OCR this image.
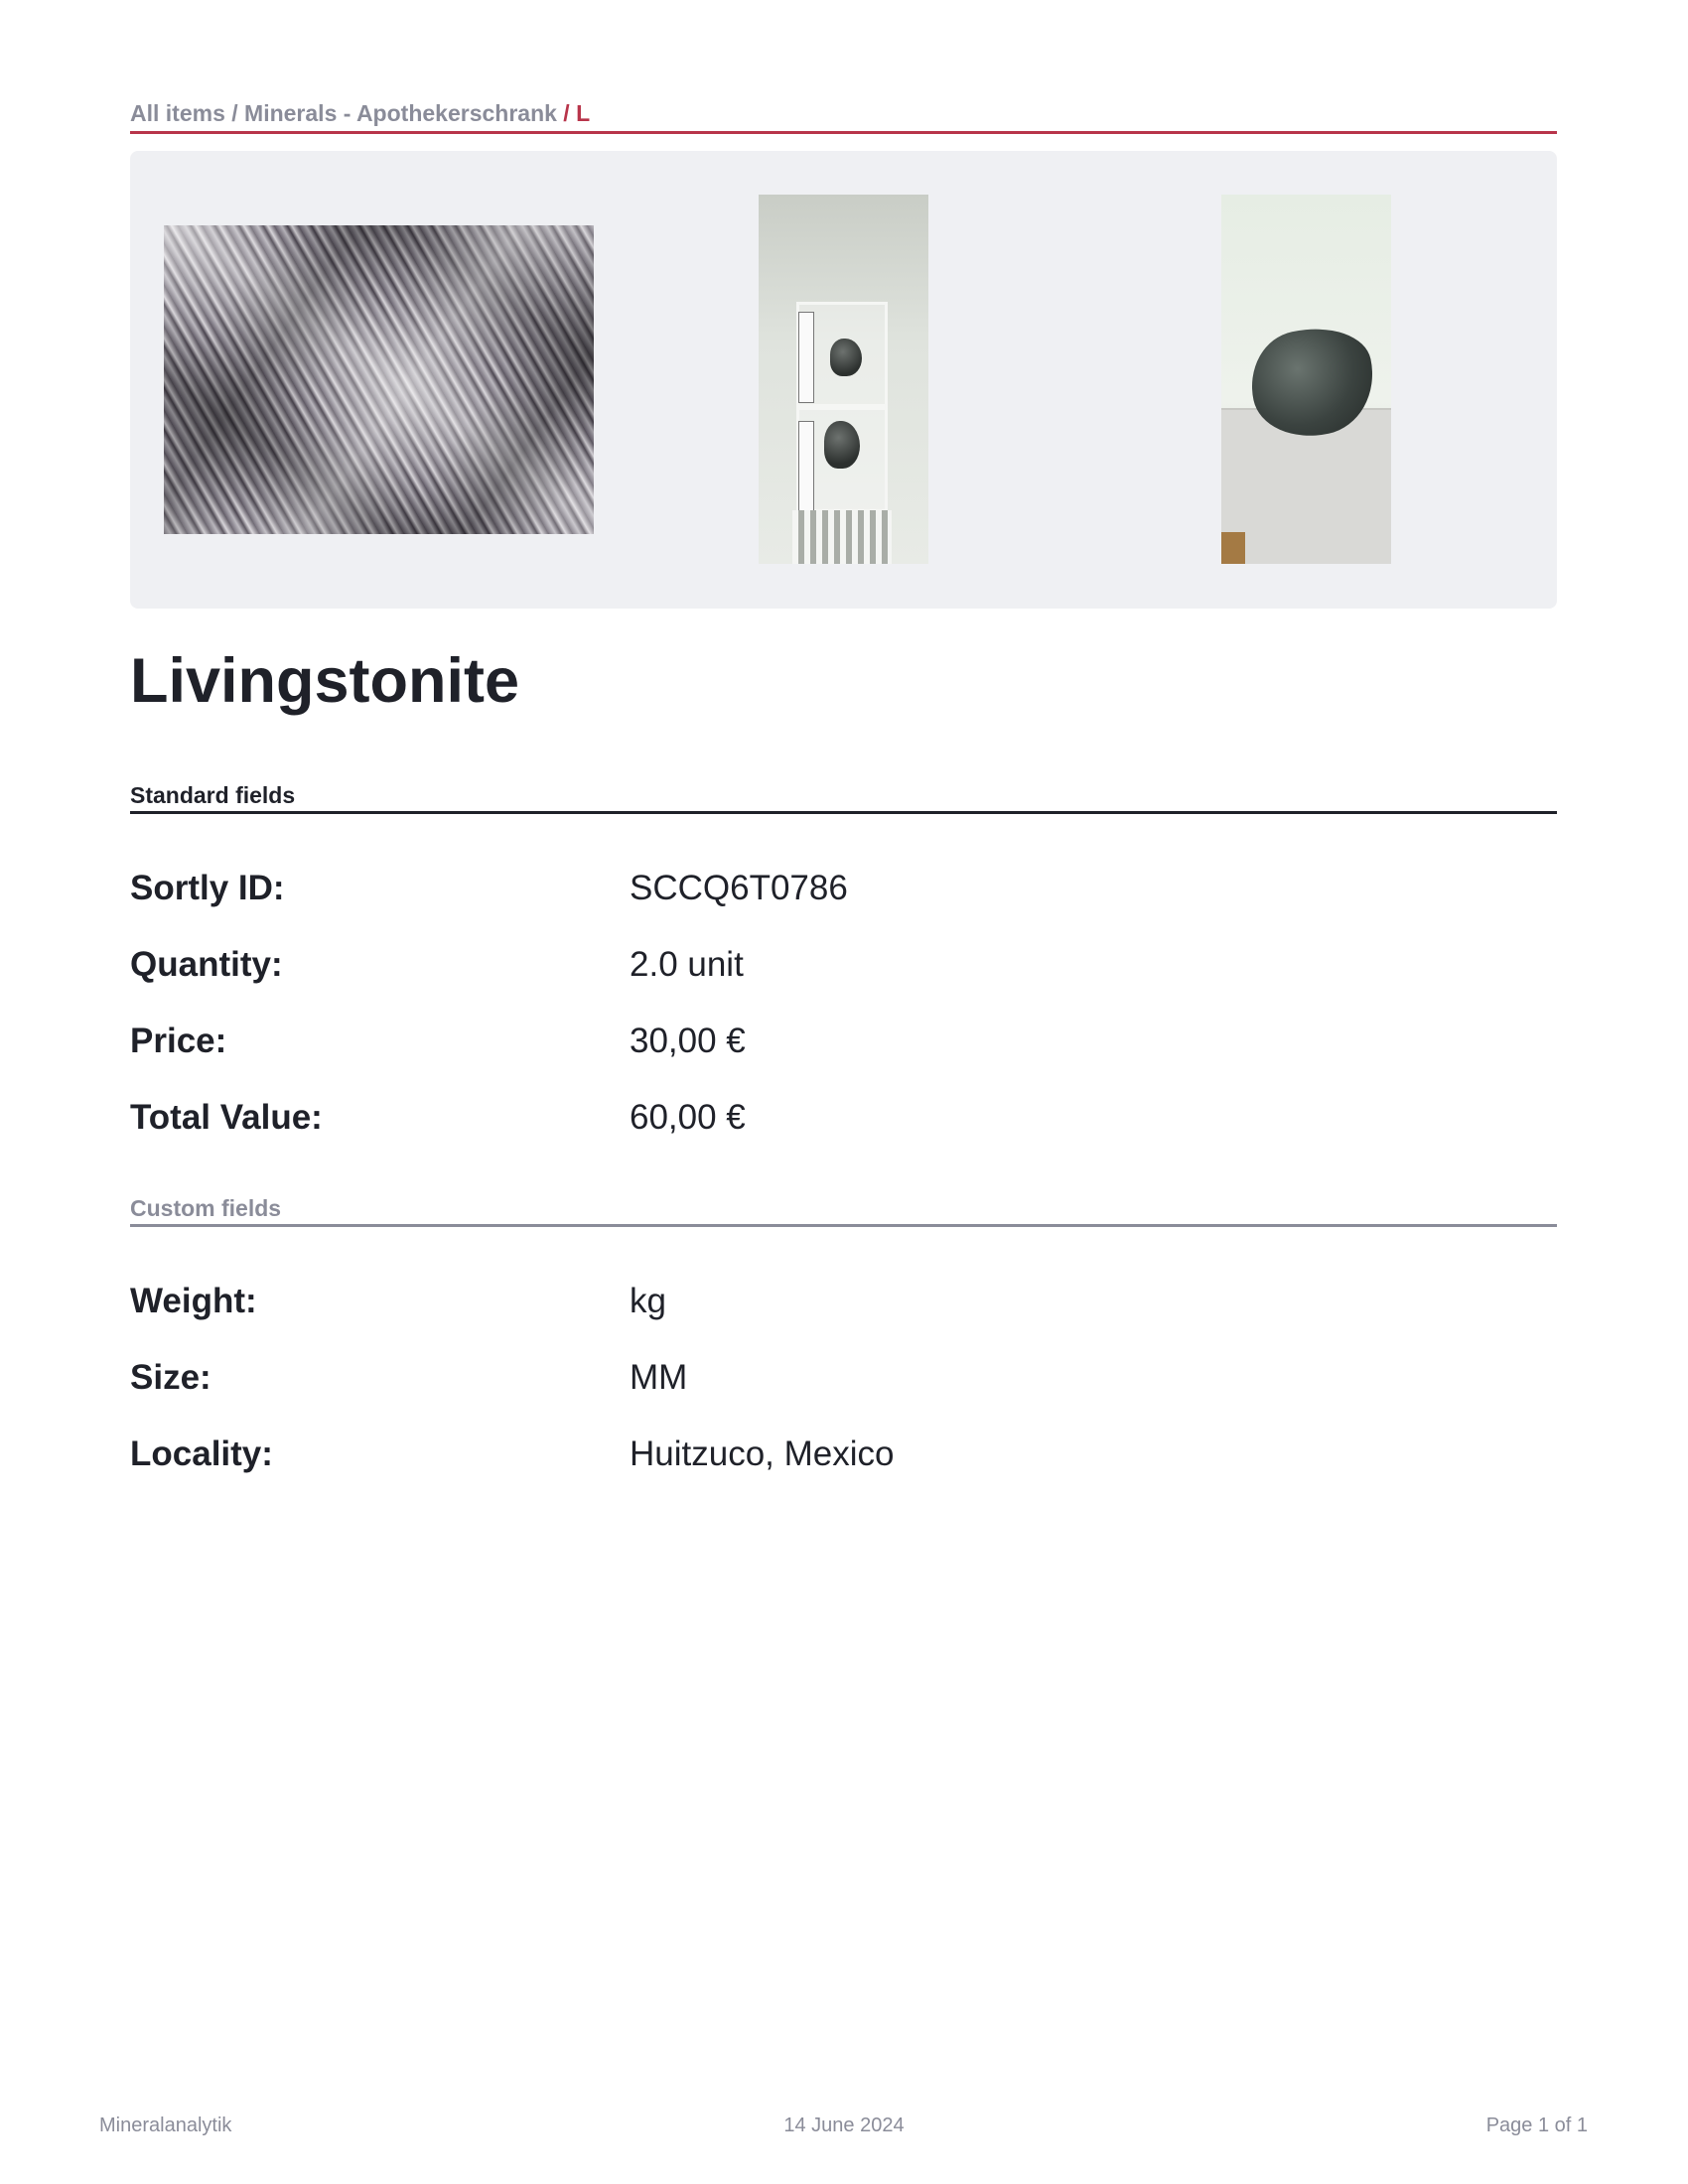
All items / Minerals - Apothekerschrank / L
Livingstonite
Standard fields
Sortly ID:	SCCQ6T0786
Quantity:	2.0 unit
Price:	30,00 €
Total Value:	60,00 €
Custom fields
Weight:	kg
Size:	MM
Locality:	Huitzuco, Mexico
Mineralanalytik	14 June 2024	Page 1 of 1
